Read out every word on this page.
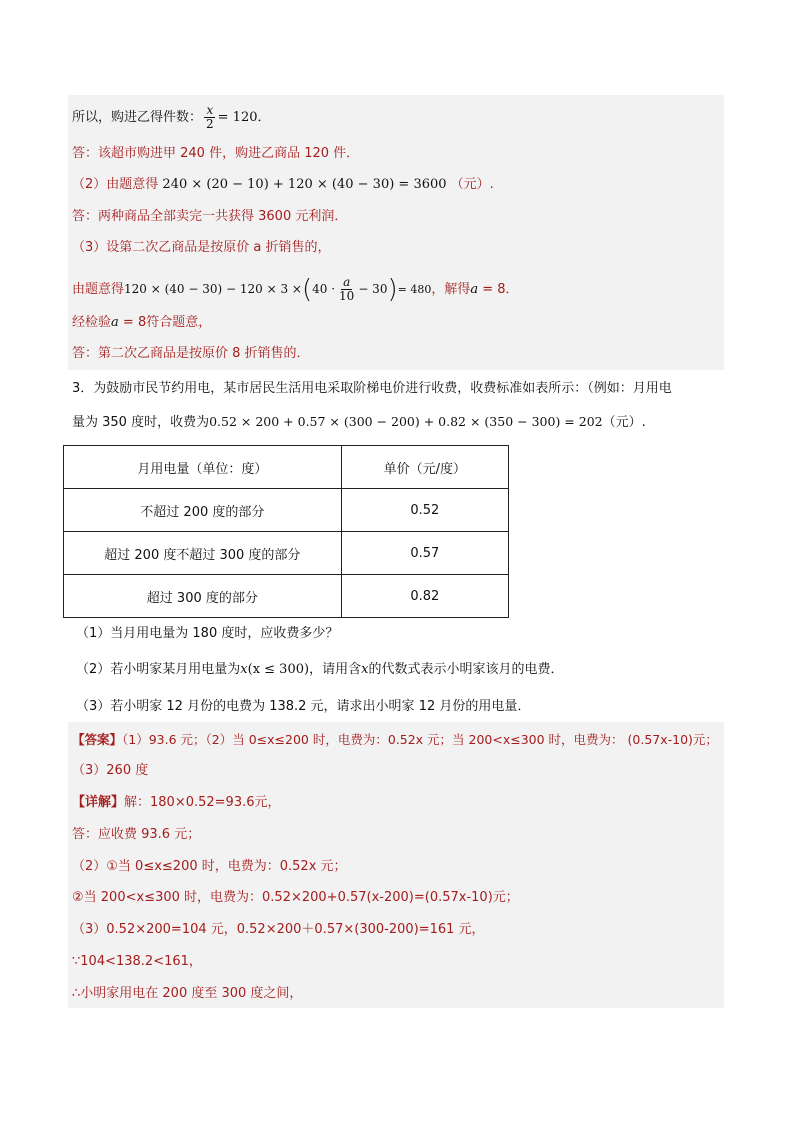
所以，购进乙得件数： $\frac{x}{2} = 120$．
答：该超市购进甲 240 件，购进乙商品 120 件．
（2）由题意得 240 × (20 − 10) + 120 × (40 − 30) = 3600 （元）.
答：两种商品全部卖完一共获得 3600 元利润．
（3）设第二次乙商品是按原价 a 折销售的，
由题意得$120 \times (40 - 30) - 120 \times 3 \times(40 \cdot \frac{a}{10} - 30)= 480$，解得a = 8．
经检验a = 8符合题意，
答：第二次乙商品是按原价 8 折销售的．
3．为鼓励市民节约用电，某市居民生活用电采取阶梯电价进行收费，收费标准如表所示：（例如：月用电
量为 350 度时，收费为0.52 × 200 + 0.57 × (300 − 200) + 0.82 × (350 − 300) = 202（元）.
月用电量（单位：度）	单价（元/度）
不超过 200 度的部分	0.52
超过 200 度不超过 300 度的部分	0.57
超过 300 度的部分	0.82
（1）当月用电量为 180 度时，应收费多少？
（2）若小明家某月用电量为x(x ≤ 300)，请用含x的代数式表示小明家该月的电费．
（3）若小明家 12 月份的电费为 138.2 元，请求出小明家 12 月份的用电量．
【答案】（1）93.6 元；（2）当 0≤x≤200 时，电费为：0.52x 元；当 200<x≤300 时，电费为： (0.57x-10)元；
（3）260 度
【详解】解：180×0.52=93.6元，
答：应收费 93.6 元；
（2）①当 0≤x≤200 时，电费为：0.52x 元；
②当 200<x≤300 时，电费为：0.52×200+0.57(x-200)=(0.57x-10)元；
（3）0.52×200=104 元，0.52×200＋0.57×(300-200)=161 元，
∵104<138.2<161，
∴小明家用电在 200 度至 300 度之间，
